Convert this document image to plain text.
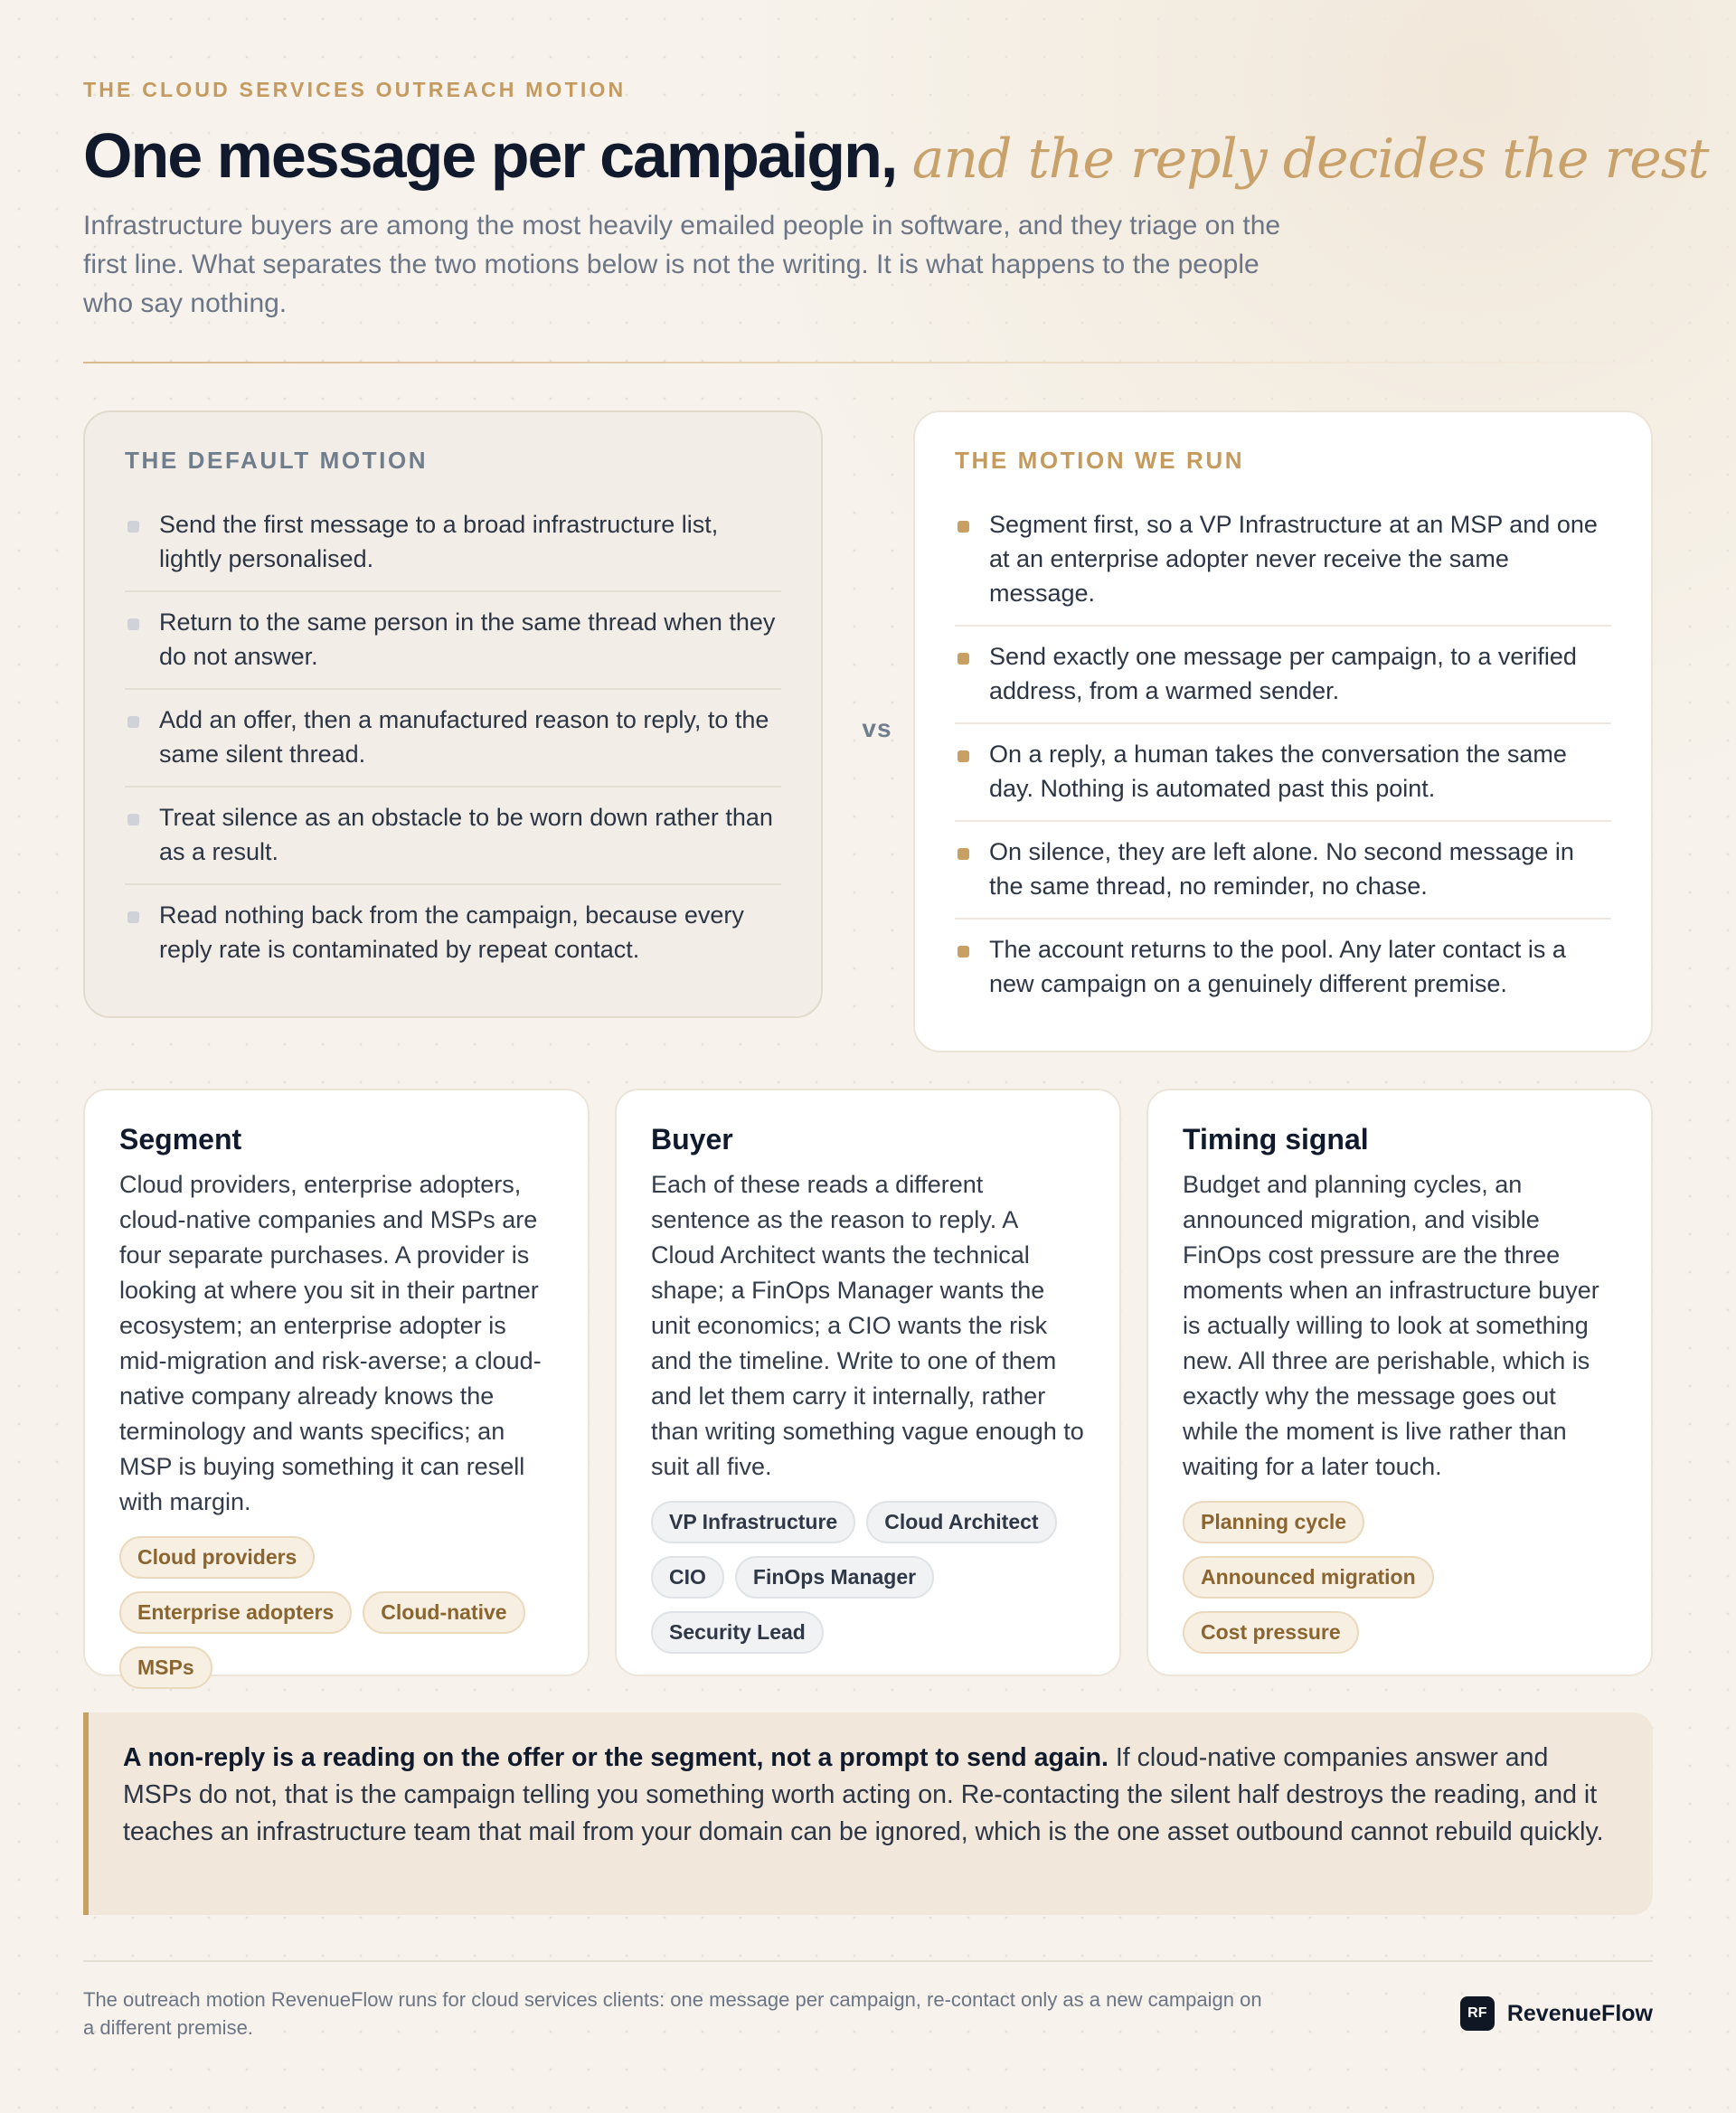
THE CLOUD SERVICES OUTREACH MOTION
One message per campaign, and the reply decides the rest

Infrastructure buyers are among the most heavily emailed people in software, and they triage on the first line. What separates the two motions below is not the writing. It is what happens to the people who say nothing.

THE DEFAULT MOTION
Send the first message to a broad infrastructure list, lightly personalised.
Return to the same person in the same thread when they do not answer.
Add an offer, then a manufactured reason to reply, to the same silent thread.
Treat silence as an obstacle to be worn down rather than as a result.
Read nothing back from the campaign, because every reply rate is contaminated by repeat contact.
vs
THE MOTION WE RUN
Segment first, so a VP Infrastructure at an MSP and one at an enterprise adopter never receive the same message.
Send exactly one message per campaign, to a verified address, from a warmed sender.
On a reply, a human takes the conversation the same day. Nothing is automated past this point.
On silence, they are left alone. No second message in the same thread, no reminder, no chase.
The account returns to the pool. Any later contact is a new campaign on a genuinely different premise.
Segment

Cloud providers, enterprise adopters, cloud-native companies and MSPs are four separate purchases. A provider is looking at where you sit in their partner ecosystem; an enterprise adopter is mid-migration and risk-averse; a cloud-native company already knows the terminology and wants specifics; an MSP is buying something it can resell with margin.

Cloud providers
Enterprise adopters	Cloud-native
MSPs
Buyer

Each of these reads a different sentence as the reason to reply. A Cloud Architect wants the technical shape; a FinOps Manager wants the unit economics; a CIO wants the risk and the timeline. Write to one of them and let them carry it internally, rather than writing something vague enough to suit all five.

VP Infrastructure	Cloud Architect
CIO	FinOps Manager
Security Lead
Timing signal

Budget and planning cycles, an announced migration, and visible FinOps cost pressure are the three moments when an infrastructure buyer is actually willing to look at something new. All three are perishable, which is exactly why the message goes out while the moment is live rather than waiting for a later touch.

Planning cycle
Announced migration
Cost pressure
A non-reply is a reading on the offer or the segment, not a prompt to send again. If cloud-native companies answer and MSPs do not, that is the campaign telling you something worth acting on. Re-contacting the silent half destroys the reading, and it teaches an infrastructure team that mail from your domain can be ignored, which is the one asset outbound cannot rebuild quickly.

The outreach motion RevenueFlow runs for cloud services clients: one message per campaign, re-contact only as a new campaign on a different premise.

RF RevenueFlow
